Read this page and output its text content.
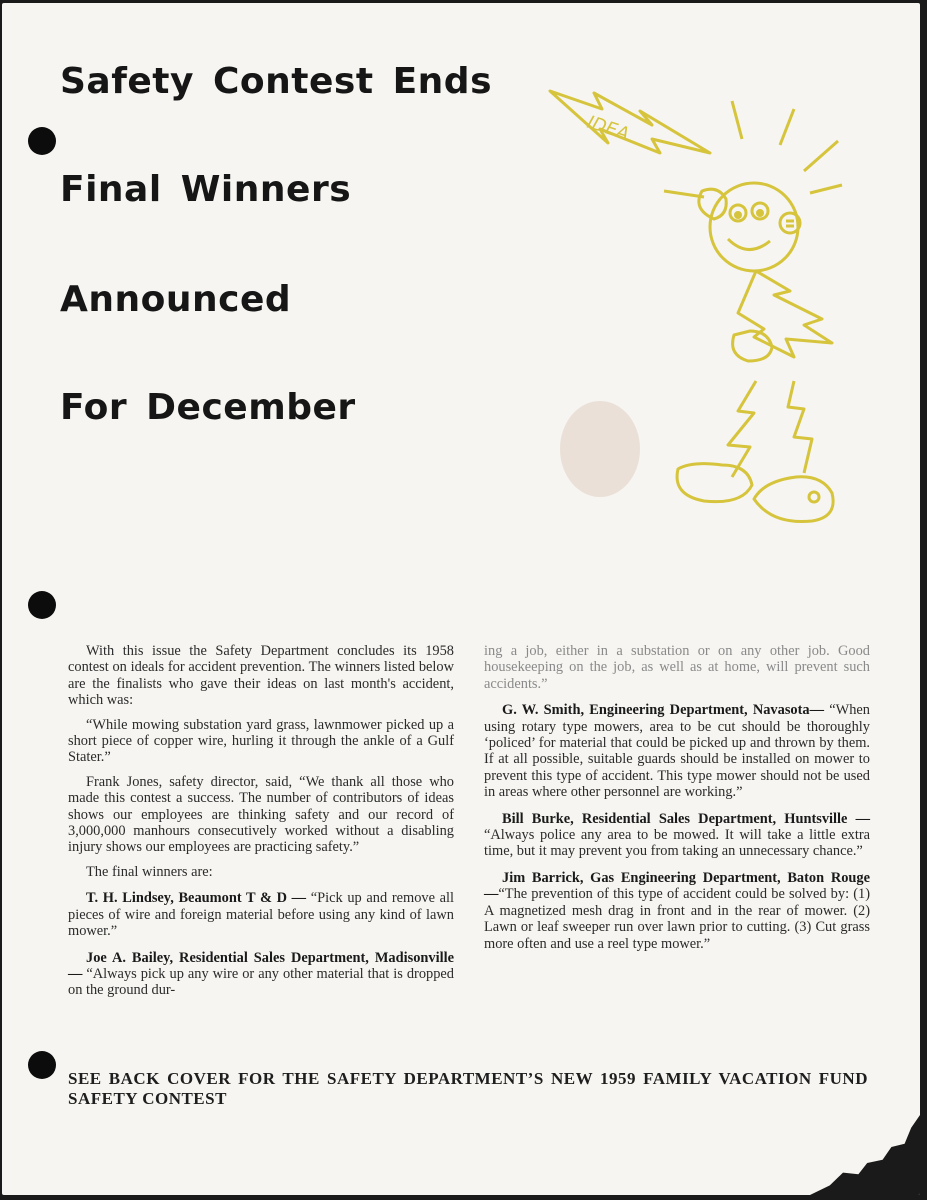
Safety Contest Ends
Final Winners
Announced
For December
IDEA

With this issue the Safety Department concludes its 1958 contest on ideals for accident prevention. The winners listed below are the finalists who gave their ideas on last month's accident, which was:

“While mowing substation yard grass, lawnmower picked up a short piece of copper wire, hurling it through the ankle of a Gulf Stater.”

Frank Jones, safety director, said, “We thank all those who made this contest a success. The number of contributors of ideas shows our employees are thinking safety and our record of 3,000,000 manhours consecutively worked without a disabling injury shows our employees are practicing safety.”

The final winners are:

T. H. Lindsey, Beaumont T & D — “Pick up and remove all pieces of wire and foreign material before using any kind of lawn mower.”

Joe A. Bailey, Residential Sales Department, Madisonville — “Always pick up any wire or any other material that is dropped on the ground dur-

ing a job, either in a substation or on any other job. Good housekeeping on the job, as well as at home, will prevent such accidents.”

G. W. Smith, Engineering Department, Navasota— “When using rotary type mowers, area to be cut should be thoroughly ‘policed’ for material that could be picked up and thrown by them. If at all possible, suitable guards should be installed on mower to prevent this type of accident. This type mower should not be used in areas where other personnel are working.”

Bill Burke, Residential Sales Department, Huntsville — “Always police any area to be mowed. It will take a little extra time, but it may prevent you from taking an unnecessary chance.”

Jim Barrick, Gas Engineering Department, Baton Rouge —“The prevention of this type of accident could be solved by: (1) A magnetized mesh drag in front and in the rear of mower. (2) Lawn or leaf sweeper run over lawn prior to cutting. (3) Cut grass more often and use a reel type mower.”

SEE BACK COVER FOR THE SAFETY DEPARTMENT’S NEW 1959 FAMILY VACATION FUND SAFETY CONTEST
